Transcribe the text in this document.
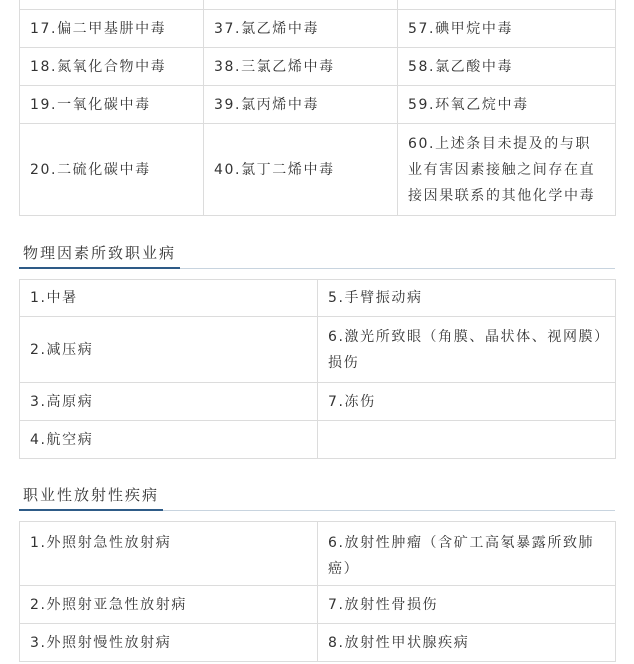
17.偏二甲基肼中毒	37.氯乙烯中毒	57.碘甲烷中毒
18.氮氧化合物中毒	38.三氯乙烯中毒	58.氯乙酸中毒
19.一氧化碳中毒	39.氯丙烯中毒	59.环氧乙烷中毒
20.二硫化碳中毒	40.氯丁二烯中毒	60.上述条目未提及的与职业有害因素接触之间存在直接因果联系的其他化学中毒
物理因素所致职业病
1.中暑	5.手臂振动病
2.减压病	6.激光所致眼（角膜、晶状体、视网膜）损伤
3.高原病	7.冻伤
4.航空病	
职业性放射性疾病
1.外照射急性放射病	6.放射性肿瘤（含矿工高氡暴露所致肺癌）
2.外照射亚急性放射病	7.放射性骨损伤
3.外照射慢性放射病	8.放射性甲状腺疾病
